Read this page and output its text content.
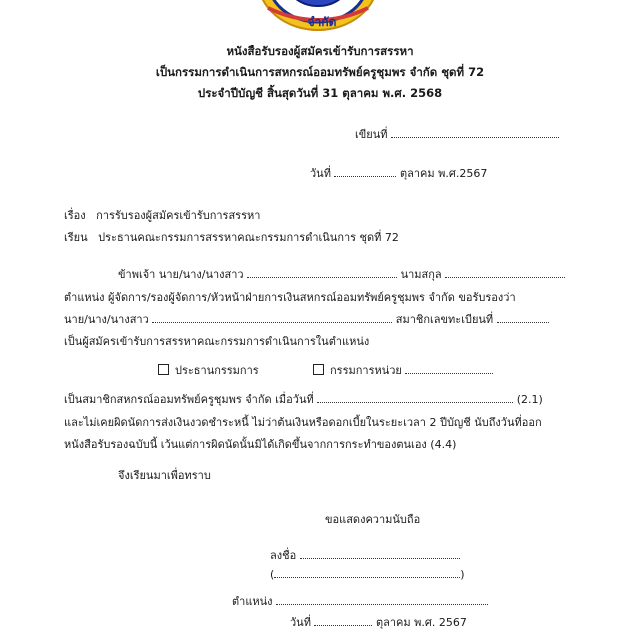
จำกัด
หนังสือรับรองผู้สมัครเข้ารับการสรรหา
เป็นกรรมการดำเนินการสหกรณ์ออมทรัพย์ครูชุมพร จำกัด ชุดที่ 72
ประจำปีบัญชี สิ้นสุดวันที่ 31 ตุลาคม พ.ศ. 2568
เขียนที่
วันที่	ตุลาคม พ.ศ.2567
เรื่อง การรับรองผู้สมัครเข้ารับการสรรหา
เรียน ประธานคณะกรรมการสรรหาคณะกรรมการดำเนินการ ชุดที่ 72
ข้าพเจ้า นาย/นาง/นางสาว	นามสกุล
ตำแหน่ง ผู้จัดการ/รองผู้จัดการ/หัวหน้าฝ่ายการเงินสหกรณ์ออมทรัพย์ครูชุมพร จำกัด ขอรับรองว่า
นาย/นาง/นางสาว	สมาชิกเลขทะเบียนที่
เป็นผู้สมัครเข้ารับการสรรหาคณะกรรมการดำเนินการในตำแหน่ง
ประธานกรรมการ	กรรมการหน่วย
เป็นสมาชิกสหกรณ์ออมทรัพย์ครูชุมพร จำกัด เมื่อวันที่	(2.1)
และไม่เคยผิดนัดการส่งเงินงวดชำระหนี้ ไม่ว่าต้นเงินหรือดอกเบี้ยในระยะเวลา 2 ปีบัญชี นับถึงวันที่ออก
หนังสือรับรองฉบับนี้ เว้นแต่การผิดนัดนั้นมิได้เกิดขึ้นจากการกระทำของตนเอง (4.4)
จึงเรียนมาเพื่อทราบ
ขอแสดงความนับถือ
ลงชื่อ
(	)
ตำแหน่ง
วันที่	ตุลาคม พ.ศ. 2567
